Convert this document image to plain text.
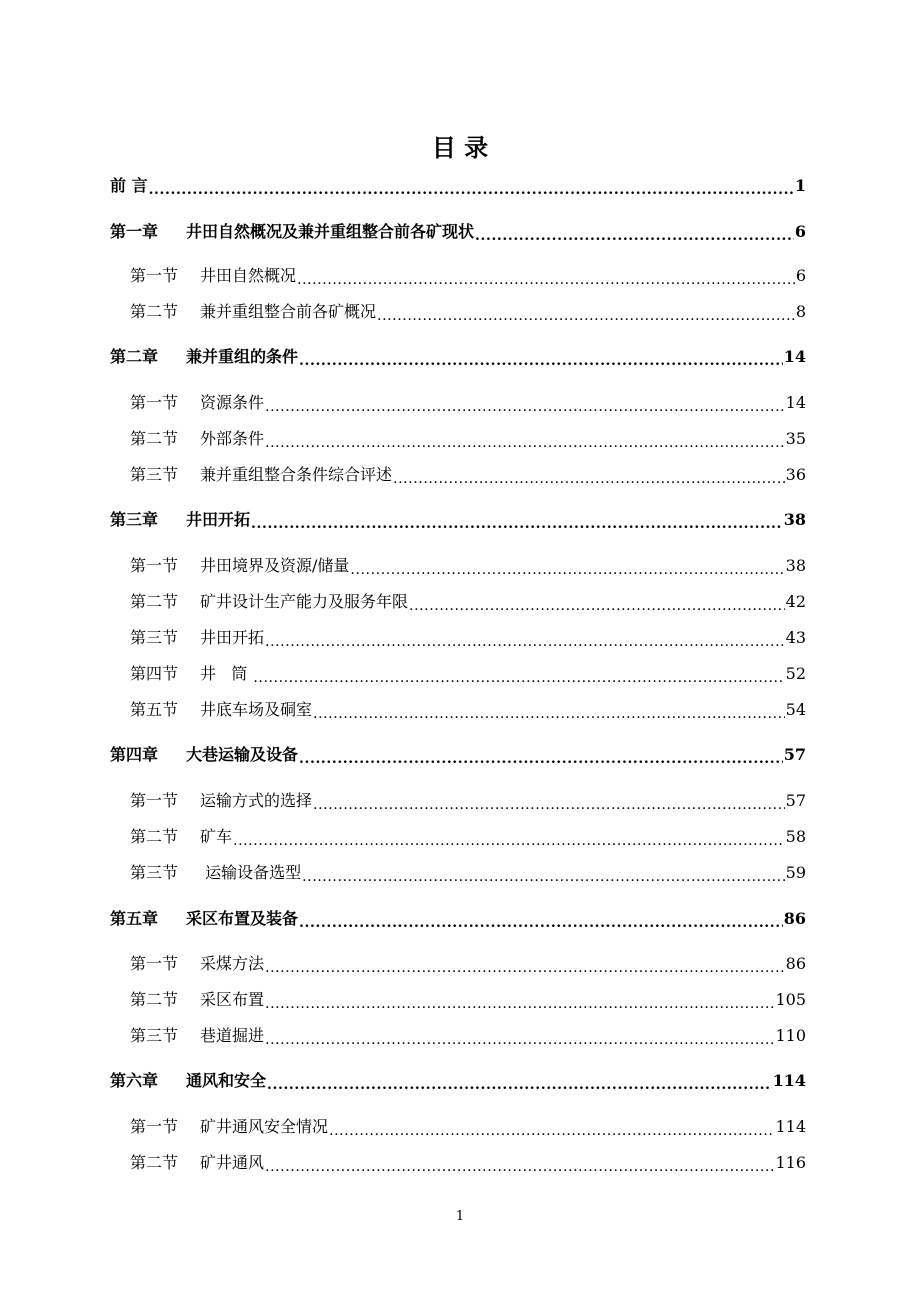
目 录
前 言 .....	1
第一章	井田自然概况及兼并重组整合前各矿现状 .....	6
第一节	井田自然概况 .....	6
第二节	兼并重组整合前各矿概况 .....	8
第二章	兼并重组的条件 .....	14
第一节	资源条件 .....	14
第二节	外部条件 .....	35
第三节	兼并重组整合条件综合评述 .....	36
第三章	井田开拓 .....	38
第一节	井田境界及资源/储量 .....	38
第二节	矿井设计生产能力及服务年限 .....	42
第三节	井田开拓 .....	43
第四节	井   筒 .....	52
第五节	井底车场及硐室 .....	54
第四章	大巷运输及设备 .....	57
第一节	运输方式的选择 .....	57
第二节	矿车 .....	58
第三节	运输设备选型 .....	59
第五章	采区布置及装备 .....	86
第一节	采煤方法 .....	86
第二节	采区布置 .....	105
第三节	巷道掘进 .....	110
第六章	通风和安全 .....	114
第一节	矿井通风安全情况 .....	114
第二节	矿井通风 .....	116
1
